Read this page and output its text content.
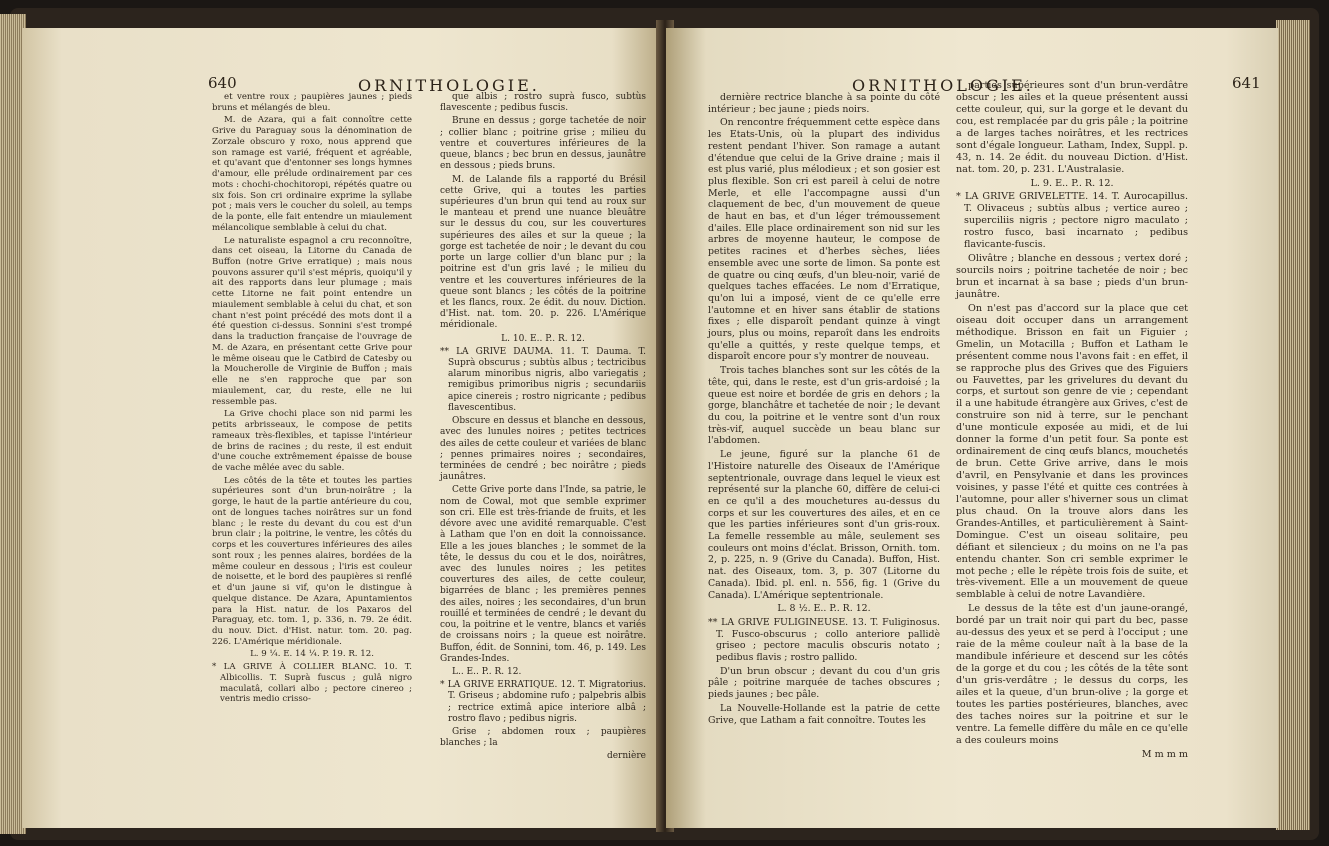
640	ORNITHOLOGIE.

et ventre roux ; paupières jaunes ; pieds bruns et mélangés de bleu.

M. de Azara, qui a fait connoître cette Grive du Paraguay sous la dénomination de Zorzale obscuro y roxo, nous apprend que son ramage est varié, fréquent et agréable, et qu'avant que d'entonner ses longs hymnes d'amour, elle prélude ordinairement par ces mots : chochi-chochitoropi, répétés quatre ou six fois. Son cri ordinaire exprime la syllabe pot ; mais vers le coucher du soleil, au temps de la ponte, elle fait entendre un miaulement mélancolique semblable à celui du chat.

Le naturaliste espagnol a cru reconnoître, dans cet oiseau, la Litorne du Canada de Buffon (notre Grive erratique) ; mais nous pouvons assurer qu'il s'est mépris, quoiqu'il y ait des rapports dans leur plumage ; mais cette Litorne ne fait point entendre un miaulement semblable à celui du chat, et son chant n'est point précédé des mots dont il a été question ci-dessus. Sonnini s'est trompé dans la traduction française de l'ouvrage de M. de Azara, en présentant cette Grive pour le même oiseau que le Catbird de Catesby ou la Moucherolle de Virginie de Buffon ; mais elle ne s'en rapproche que par son miaulement, car, du reste, elle ne lui ressemble pas.

La Grive chochi place son nid parmi les petits arbrisseaux, le compose de petits rameaux très-flexibles, et tapisse l'intérieur de brins de racines ; du reste, il est enduit d'une couche extrêmement épaisse de bouse de vache mêlée avec du sable.

Les côtés de la tête et toutes les parties supérieures sont d'un brun-noirâtre ; la gorge, le haut de la partie antérieure du cou, ont de longues taches noirâtres sur un fond blanc ; le reste du devant du cou est d'un brun clair ; la poitrine, le ventre, les côtés du corps et les couvertures inférieures des ailes sont roux ; les pennes alaires, bordées de la même couleur en dessous ; l'iris est couleur de noisette, et le bord des paupières si renflé et d'un jaune si vif, qu'on le distingue à quelque distance. De Azara, Apuntamientos para la Hist. natur. de los Paxaros del Paraguay, etc. tom. 1, p. 336, n. 79. 2e édit. du nouv. Dict. d'Hist. natur. tom. 20. pag. 226. L'Amérique méridionale.

L. 9 ¼. E. 14 ¼. P. 19. R. 12.

* LA GRIVE À COLLIER BLANC. 10. T. Albicollis. T. Suprà fuscus ; gulâ nigro maculatâ, collari albo ; pectore cinereo ; ventris medio crisso-

que albis ; rostro suprà fusco, subtùs flavescente ; pedibus fuscis.

Brune en dessus ; gorge tachetée de noir ; collier blanc ; poitrine grise ; milieu du ventre et couvertures inférieures de la queue, blancs ; bec brun en dessus, jaunâtre en dessous ; pieds bruns.

M. de Lalande fils a rapporté du Brésil cette Grive, qui a toutes les parties supérieures d'un brun qui tend au roux sur le manteau et prend une nuance bleuâtre sur le dessus du cou, sur les couvertures supérieures des ailes et sur la queue ; la gorge est tachetée de noir ; le devant du cou porte un large collier d'un blanc pur ; la poitrine est d'un gris lavé ; le milieu du ventre et les couvertures inférieures de la queue sont blancs ; les côtés de la poitrine et les flancs, roux. 2e édit. du nouv. Diction. d'Hist. nat. tom. 20. p. 226. L'Amérique méridionale.

L. 10. E.. P.. R. 12.

** LA GRIVE DAUMA. 11. T. Dauma. T. Suprà obscurus ; subtùs albus ; tectricibus alarum minoribus nigris, albo variegatis ; remigibus primoribus nigris ; secundariis apice cinereis ; rostro nigricante ; pedibus flavescentibus.

Obscure en dessus et blanche en dessous, avec des lunules noires ; petites tectrices des ailes de cette couleur et variées de blanc ; pennes primaires noires ; secondaires, terminées de cendré ; bec noirâtre ; pieds jaunâtres.

Cette Grive porte dans l'Inde, sa patrie, le nom de Cowal, mot que semble exprimer son cri. Elle est très-friande de fruits, et les dévore avec une avidité remarquable. C'est à Latham que l'on en doit la connoissance. Elle a les joues blanches ; le sommet de la tête, le dessus du cou et le dos, noirâtres, avec des lunules noires ; les petites couvertures des ailes, de cette couleur, bigarrées de blanc ; les premières pennes des ailes, noires ; les secondaires, d'un brun rouillé et terminées de cendré ; le devant du cou, la poitrine et le ventre, blancs et variés de croissans noirs ; la queue est noirâtre. Buffon, édit. de Sonnini, tom. 46, p. 149. Les Grandes-Indes.

L.. E.. P.. R. 12.

* LA GRIVE ERRATIQUE. 12. T. Migratorius. T. Griseus ; abdomine rufo ; palpebris albis ; rectrice extimâ apice interiore albâ ; rostro flavo ; pedibus nigris.

Grise ; abdomen roux ; paupières blanches ; la

dernière

ORNITHOLOGIE.	641

dernière rectrice blanche à sa pointe du côté intérieur ; bec jaune ; pieds noirs.

On rencontre fréquemment cette espèce dans les Etats-Unis, où la plupart des individus restent pendant l'hiver. Son ramage a autant d'étendue que celui de la Grive draine ; mais il est plus varié, plus mélodieux ; et son gosier est plus flexible. Son cri est pareil à celui de notre Merle, et elle l'accompagne aussi d'un claquement de bec, d'un mouvement de queue de haut en bas, et d'un léger trémoussement d'ailes. Elle place ordinairement son nid sur les arbres de moyenne hauteur, le compose de petites racines et d'herbes sèches, liées ensemble avec une sorte de limon. Sa ponte est de quatre ou cinq œufs, d'un bleu-noir, varié de quelques taches effacées. Le nom d'Erratique, qu'on lui a imposé, vient de ce qu'elle erre l'automne et en hiver sans établir de stations fixes ; elle disparoît pendant quinze à vingt jours, plus ou moins, reparoît dans les endroits qu'elle a quittés, y reste quelque temps, et disparoît encore pour s'y montrer de nouveau.

Trois taches blanches sont sur les côtés de la tête, qui, dans le reste, est d'un gris-ardoisé ; la queue est noire et bordée de gris en dehors ; la gorge, blanchâtre et tachetée de noir ; le devant du cou, la poitrine et le ventre sont d'un roux très-vif, auquel succède un beau blanc sur l'abdomen.

Le jeune, figuré sur la planche 61 de l'Histoire naturelle des Oiseaux de l'Amérique septentrionale, ouvrage dans lequel le vieux est représenté sur la planche 60, diffère de celui-ci en ce qu'il a des mouchetures au-dessus du corps et sur les couvertures des ailes, et en ce que les parties inférieures sont d'un gris-roux. La femelle ressemble au mâle, seulement ses couleurs ont moins d'éclat. Brisson, Ornith. tom. 2, p. 225, n. 9 (Grive du Canada). Buffon, Hist. nat. des Oiseaux, tom. 3, p. 307 (Litorne du Canada). Ibid. pl. enl. n. 556, fig. 1 (Grive du Canada). L'Amérique septentrionale.

L. 8 ½. E.. P.. R. 12.

** LA GRIVE FULIGINEUSE. 13. T. Fuliginosus. T. Fusco-obscurus ; collo anteriore pallidè griseo ; pectore maculis obscuris notato ; pedibus flavis ; rostro pallido.

D'un brun obscur ; devant du cou d'un gris pâle ; poitrine marquée de taches obscures ; pieds jaunes ; bec pâle.

La Nouvelle-Hollande est la patrie de cette Grive, que Latham a fait connoître. Toutes les

parties supérieures sont d'un brun-verdâtre obscur ; les ailes et la queue présentent aussi cette couleur, qui, sur la gorge et le devant du cou, est remplacée par du gris pâle ; la poitrine a de larges taches noirâtres, et les rectrices sont d'égale longueur. Latham, Index, Suppl. p. 43, n. 14. 2e édit. du nouveau Diction. d'Hist. nat. tom. 20, p. 231. L'Australasie.

L. 9. E.. P.. R. 12.

* LA GRIVE GRIVELETTE. 14. T. Aurocapillus. T. Olivaceus ; subtùs albus ; vertice aureo ; superciliis nigris ; pectore nigro maculato ; rostro fusco, basi incarnato ; pedibus flavicante-fuscis.

Olivâtre ; blanche en dessous ; vertex doré ; sourcils noirs ; poitrine tachetée de noir ; bec brun et incarnat à sa base ; pieds d'un brun-jaunâtre.

On n'est pas d'accord sur la place que cet oiseau doit occuper dans un arrangement méthodique. Brisson en fait un Figuier ; Gmelin, un Motacilla ; Buffon et Latham le présentent comme nous l'avons fait : en effet, il se rapproche plus des Grives que des Figuiers ou Fauvettes, par les grivelures du devant du corps, et surtout son genre de vie ; cependant il a une habitude étrangère aux Grives, c'est de construire son nid à terre, sur le penchant d'une monticule exposée au midi, et de lui donner la forme d'un petit four. Sa ponte est ordinairement de cinq œufs blancs, mouchetés de brun. Cette Grive arrive, dans le mois d'avril, en Pensylvanie et dans les provinces voisines, y passe l'été et quitte ces contrées à l'automne, pour aller s'hiverner sous un climat plus chaud. On la trouve alors dans les Grandes-Antilles, et particulièrement à Saint-Domingue. C'est un oiseau solitaire, peu défiant et silencieux ; du moins on ne l'a pas entendu chanter. Son cri semble exprimer le mot peche ; elle le répète trois fois de suite, et très-vivement. Elle a un mouvement de queue semblable à celui de notre Lavandière.

Le dessus de la tête est d'un jaune-orangé, bordé par un trait noir qui part du bec, passe au-dessus des yeux et se perd à l'occiput ; une raie de la même couleur naît à la base de la mandibule inférieure et descend sur les côtés de la gorge et du cou ; les côtés de la tête sont d'un gris-verdâtre ; le dessus du corps, les ailes et la queue, d'un brun-olive ; la gorge et toutes les parties postérieures, blanches, avec des taches noires sur la poitrine et sur le ventre. La femelle diffère du mâle en ce qu'elle a des couleurs moins

M m m m
